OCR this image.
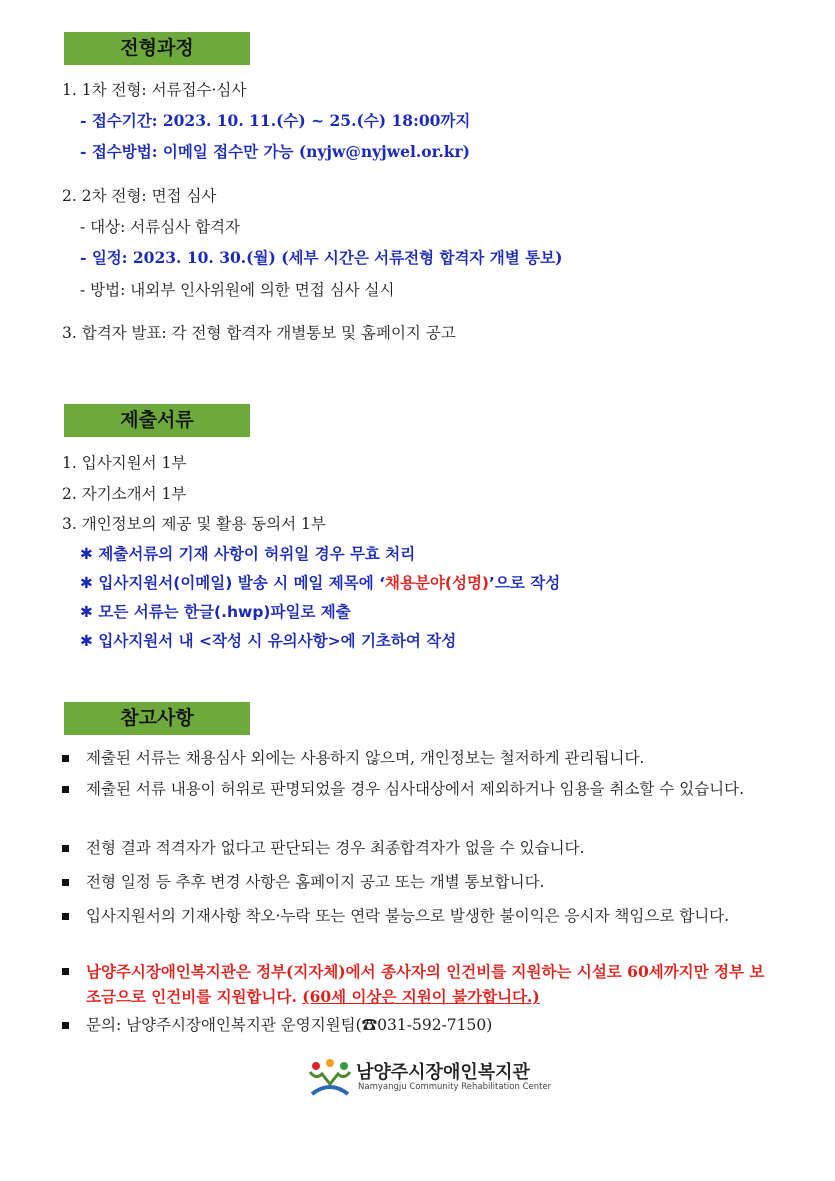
전형과정
1. 1차 전형: 서류접수·심사
- 접수기간: 2023. 10. 11.(수) ~ 25.(수) 18:00까지
- 접수방법: 이메일 접수만 가능 (nyjw@nyjwel.or.kr)
2. 2차 전형: 면접 심사
- 대상: 서류심사 합격자
- 일정: 2023. 10. 30.(월) (세부 시간은 서류전형 합격자 개별 통보)
- 방법: 내외부 인사위원에 의한 면접 심사 실시
3. 합격자 발표: 각 전형 합격자 개별통보 및 홈페이지 공고
제출서류
1. 입사지원서 1부
2. 자기소개서 1부
3. 개인정보의 제공 및 활용 동의서 1부
✱ 제출서류의 기재 사항이 허위일 경우 무효 처리
✱ 입사지원서(이메일) 발송 시 메일 제목에 ‘채용분야(성명)’으로 작성
✱ 모든 서류는 한글(.hwp)파일로 제출
✱ 입사지원서 내 <작성 시 유의사항>에 기초하여 작성
참고사항
제출된 서류는 채용심사 외에는 사용하지 않으며, 개인정보는 철저하게 관리됩니다.
제출된 서류 내용이 허위로 판명되었을 경우 심사대상에서 제외하거나 임용을 취소할 수 있습니다.
전형 결과 적격자가 없다고 판단되는 경우 최종합격자가 없을 수 있습니다.
전형 일정 등 추후 변경 사항은 홈페이지 공고 또는 개별 통보합니다.
입사지원서의 기재사항 착오·누락 또는 연락 불능으로 발생한 불이익은 응시자 책임으로 합니다.
남양주시장애인복지관은 정부(지자체)에서 종사자의 인건비를 지원하는 시설로 60세까지만 정부 보조금으로 인건비를 지원합니다. (60세 이상은 지원이 불가합니다.)
문의: 남양주시장애인복지관 운영지원팀(☎031-592-7150)
남양주시장애인복지관
Namyangju Community Rehabilitation Center
